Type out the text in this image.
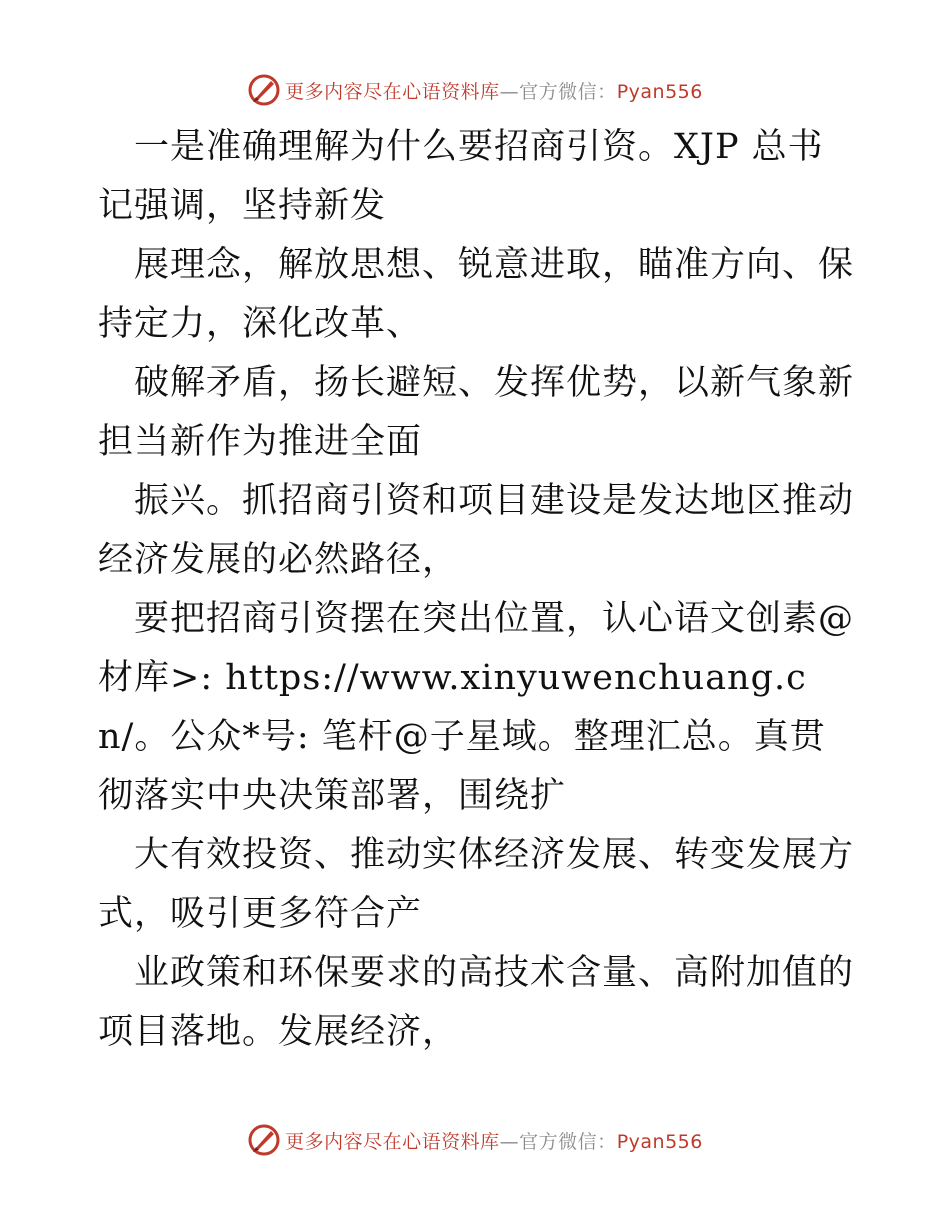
更多内容尽在心语资料库—官方微信：Pyan556

一是准确理解为什么要招商引资。XJP 总书记强调，坚持新发

展理念，解放思想、锐意进取，瞄准方向、保持定力，深化改革、

破解矛盾，扬长避短、发挥优势，以新气象新担当新作为推进全面

振兴。抓招商引资和项目建设是发达地区推动经济发展的必然路径，

要把招商引资摆在突出位置，认心语文创素@材库>: https://www.xinyuwenchuang.cn/。公众*号: 笔杆@子星域。整理汇总。真贯彻落实中央决策部署，围绕扩

大有效投资、推动实体经济发展、转变发展方式，吸引更多符合产

业政策和环保要求的高技术含量、高附加值的项目落地。发展经济，

更多内容尽在心语资料库—官方微信：Pyan556
